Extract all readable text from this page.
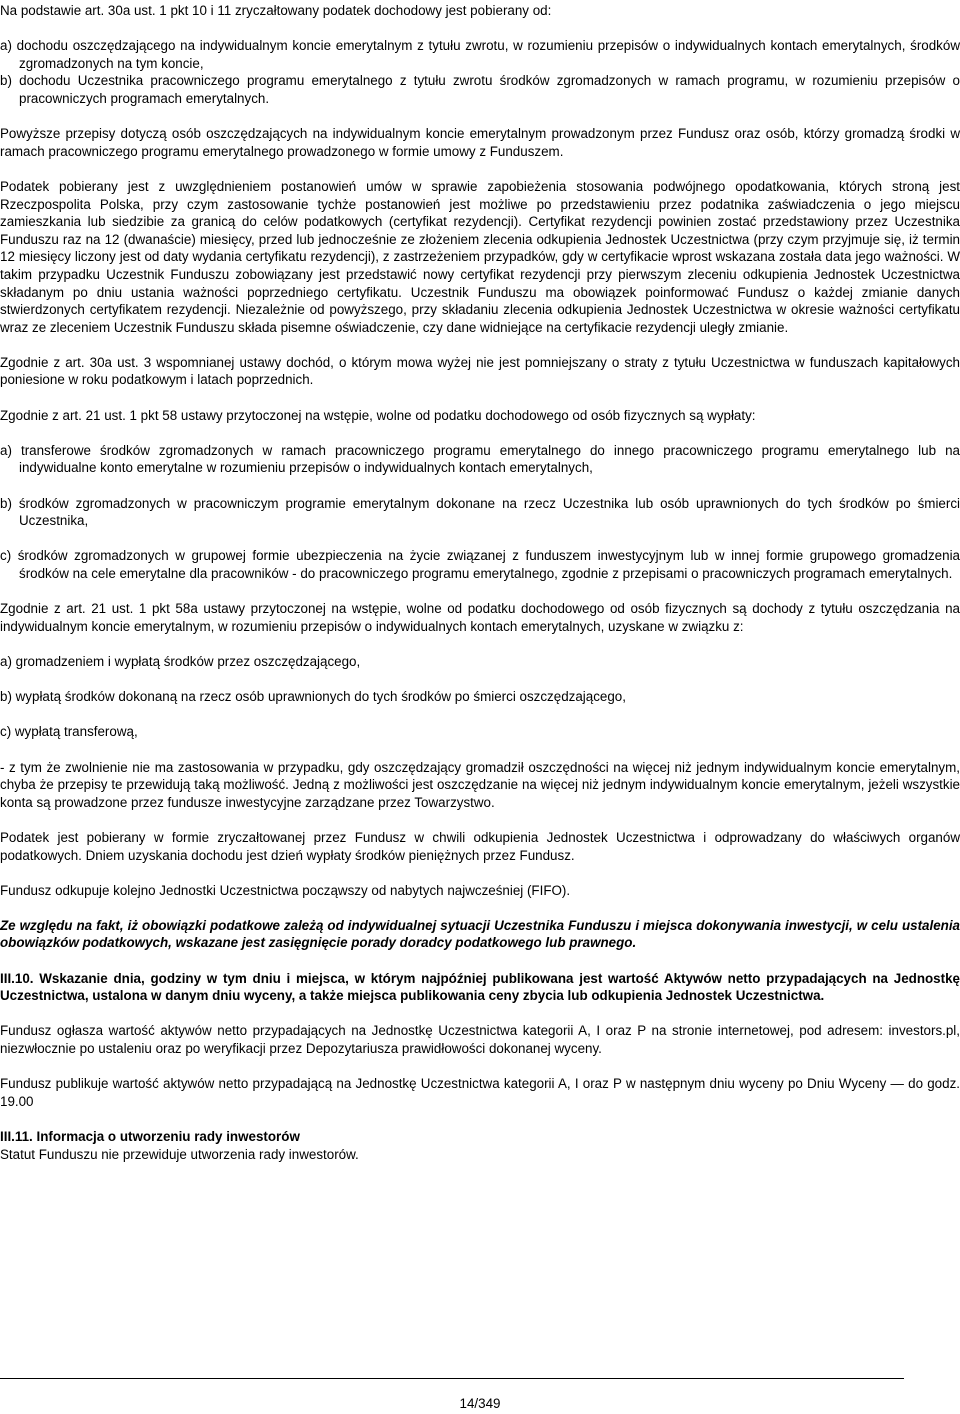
Na podstawie art. 30a ust. 1 pkt 10 i 11 zryczałtowany podatek dochodowy jest pobierany od:

a) dochodu oszczędzającego na indywidualnym koncie emerytalnym z tytułu zwrotu, w rozumieniu przepisów o indywidualnych kontach emerytalnych, środków zgromadzonych na tym koncie,

b) dochodu Uczestnika pracowniczego programu emerytalnego z tytułu zwrotu środków zgromadzonych w ramach programu, w rozumieniu przepisów o pracowniczych programach emerytalnych.

Powyższe przepisy dotyczą osób oszczędzających na indywidualnym koncie emerytalnym prowadzonym przez Fundusz oraz osób, którzy gromadzą środki w ramach pracowniczego programu emerytalnego prowadzonego w formie umowy z Funduszem.

Podatek pobierany jest z uwzględnieniem postanowień umów w sprawie zapobieżenia stosowania podwójnego opodatkowania, których stroną jest Rzeczpospolita Polska, przy czym zastosowanie tychże postanowień jest możliwe po przedstawieniu przez podatnika zaświadczenia o jego miejscu zamieszkania lub siedzibie za granicą do celów podatkowych (certyfikat rezydencji). Certyfikat rezydencji powinien zostać przedstawiony przez Uczestnika Funduszu raz na 12 (dwanaście) miesięcy, przed lub jednocześnie ze złożeniem zlecenia odkupienia Jednostek Uczestnictwa (przy czym przyjmuje się, iż termin 12 miesięcy liczony jest od daty wydania certyfikatu rezydencji), z zastrzeżeniem przypadków, gdy w certyfikacie wprost wskazana została data jego ważności. W takim przypadku Uczestnik Funduszu zobowiązany jest przedstawić nowy certyfikat rezydencji przy pierwszym zleceniu odkupienia Jednostek Uczestnictwa składanym po dniu ustania ważności poprzedniego certyfikatu. Uczestnik Funduszu ma obowiązek poinformować Fundusz o każdej zmianie danych stwierdzonych certyfikatem rezydencji. Niezależnie od powyższego, przy składaniu zlecenia odkupienia Jednostek Uczestnictwa w okresie ważności certyfikatu wraz ze zleceniem Uczestnik Funduszu składa pisemne oświadczenie, czy dane widniejące na certyfikacie rezydencji uległy zmianie.

Zgodnie z art. 30a ust. 3 wspomnianej ustawy dochód, o którym mowa wyżej nie jest pomniejszany o straty z tytułu Uczestnictwa w funduszach kapitałowych poniesione w roku podatkowym i latach poprzednich.

Zgodnie z art. 21 ust. 1 pkt 58 ustawy przytoczonej na wstępie, wolne od podatku dochodowego od osób fizycznych są wypłaty:

a) transferowe środków zgromadzonych w ramach pracowniczego programu emerytalnego do innego pracowniczego programu emerytalnego lub na indywidualne konto emerytalne w rozumieniu przepisów o indywidualnych kontach emerytalnych,

b) środków zgromadzonych w pracowniczym programie emerytalnym dokonane na rzecz Uczestnika lub osób uprawnionych do tych środków po śmierci Uczestnika,

c) środków zgromadzonych w grupowej formie ubezpieczenia na życie związanej z funduszem inwestycyjnym lub w innej formie grupowego gromadzenia środków na cele emerytalne dla pracowników - do pracowniczego programu emerytalnego, zgodnie z przepisami o pracowniczych programach emerytalnych.

Zgodnie z art. 21 ust. 1 pkt 58a ustawy przytoczonej na wstępie, wolne od podatku dochodowego od osób fizycznych są dochody z tytułu oszczędzania na indywidualnym koncie emerytalnym, w rozumieniu przepisów o indywidualnych kontach emerytalnych, uzyskane w związku z:

a) gromadzeniem i wypłatą środków przez oszczędzającego,

b) wypłatą środków dokonaną na rzecz osób uprawnionych do tych środków po śmierci oszczędzającego,

c) wypłatą transferową,

- z tym że zwolnienie nie ma zastosowania w przypadku, gdy oszczędzający gromadził oszczędności na więcej niż jednym indywidualnym koncie emerytalnym, chyba że przepisy te przewidują taką możliwość. Jedną z możliwości jest oszczędzanie na więcej niż jednym indywidualnym koncie emerytalnym, jeżeli wszystkie konta są prowadzone przez fundusze inwestycyjne zarządzane przez Towarzystwo.

Podatek jest pobierany w formie zryczałtowanej przez Fundusz w chwili odkupienia Jednostek Uczestnictwa i odprowadzany do właściwych organów podatkowych. Dniem uzyskania dochodu jest dzień wypłaty środków pieniężnych przez Fundusz.

Fundusz odkupuje kolejno Jednostki Uczestnictwa począwszy od nabytych najwcześniej (FIFO).

Ze względu na fakt, iż obowiązki podatkowe zależą od indywidualnej sytuacji Uczestnika Funduszu i miejsca dokonywania inwestycji, w celu ustalenia obowiązków podatkowych, wskazane jest zasięgnięcie porady doradcy podatkowego lub prawnego.

III.10. Wskazanie dnia, godziny w tym dniu i miejsca, w którym najpóźniej publikowana jest wartość Aktywów netto przypadających na Jednostkę Uczestnictwa, ustalona w danym dniu wyceny, a także miejsca publikowania ceny zbycia lub odkupienia Jednostek Uczestnictwa.

Fundusz ogłasza wartość aktywów netto przypadających na Jednostkę Uczestnictwa kategorii A, I oraz P na stronie internetowej, pod adresem: investors.pl, niezwłocznie po ustaleniu oraz po weryfikacji przez Depozytariusza prawidłowości dokonanej wyceny.

Fundusz publikuje wartość aktywów netto przypadającą na Jednostkę Uczestnictwa kategorii A, I oraz P w następnym dniu wyceny po Dniu Wyceny — do godz. 19.00

III.11. Informacja o utworzeniu rady inwestorów

Statut Funduszu nie przewiduje utworzenia rady inwestorów.

14/349
